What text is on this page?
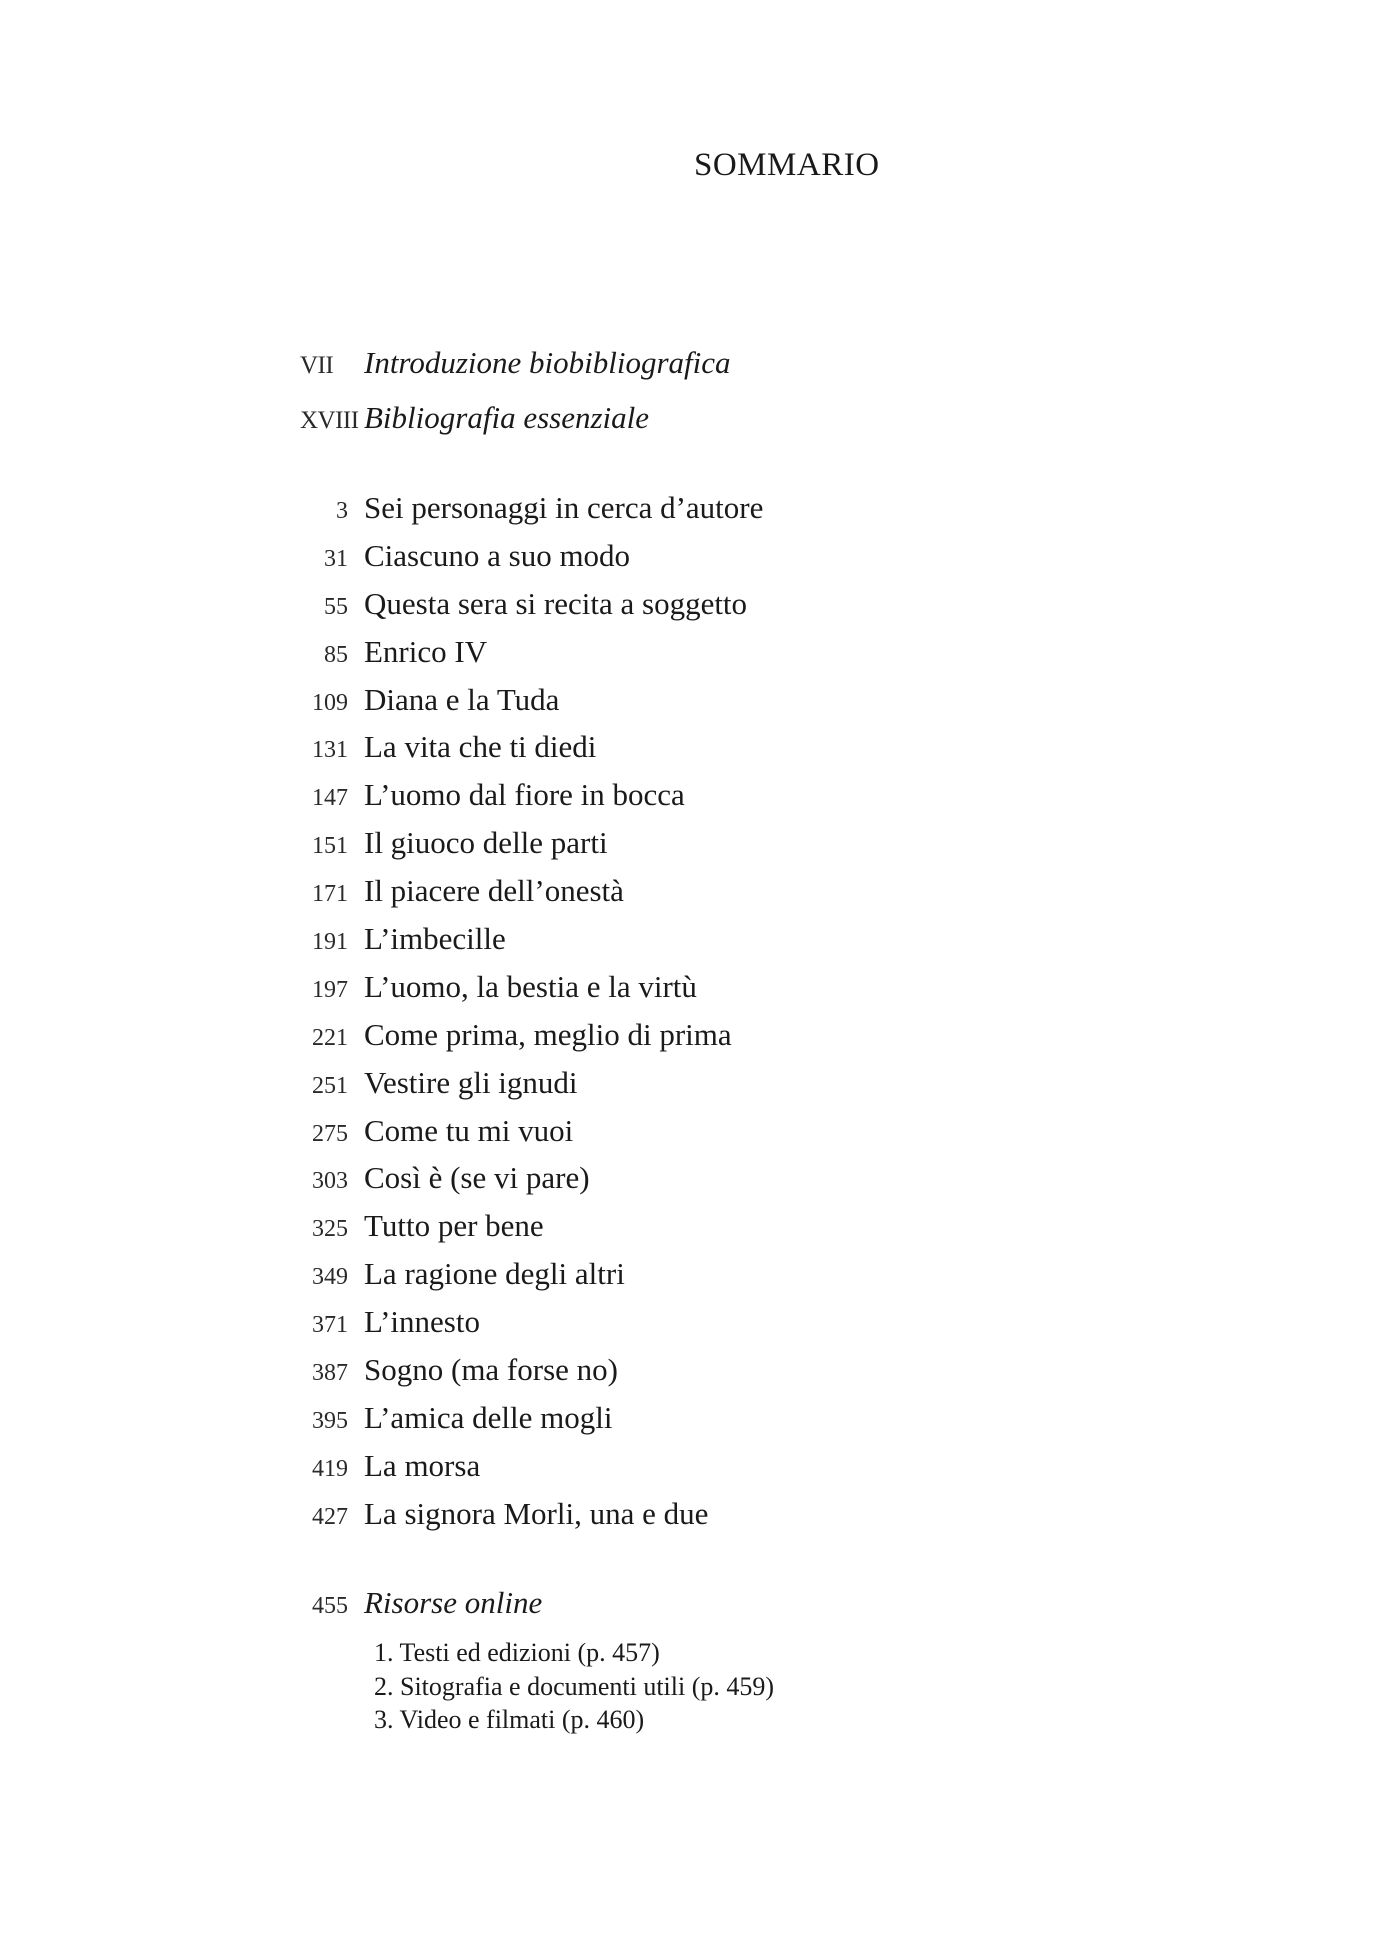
SOMMARIO
VII Introduzione biobibliografica
XVIII Bibliografia essenziale
3 Sei personaggi in cerca d’autore
31 Ciascuno a suo modo
55 Questa sera si recita a soggetto
85 Enrico IV
109 Diana e la Tuda
131 La vita che ti diedi
147 L’uomo dal fiore in bocca
151 Il giuoco delle parti
171 Il piacere dell’onestà
191 L’imbecille
197 L’uomo, la bestia e la virtù
221 Come prima, meglio di prima
251 Vestire gli ignudi
275 Come tu mi vuoi
303 Così è (se vi pare)
325 Tutto per bene
349 La ragione degli altri
371 L’innesto
387 Sogno (ma forse no)
395 L’amica delle mogli
419 La morsa
427 La signora Morli, una e due
455 Risorse online
1. Testi ed edizioni (p. 457)
2. Sitografia e documenti utili (p. 459)
3. Video e filmati (p. 460)
